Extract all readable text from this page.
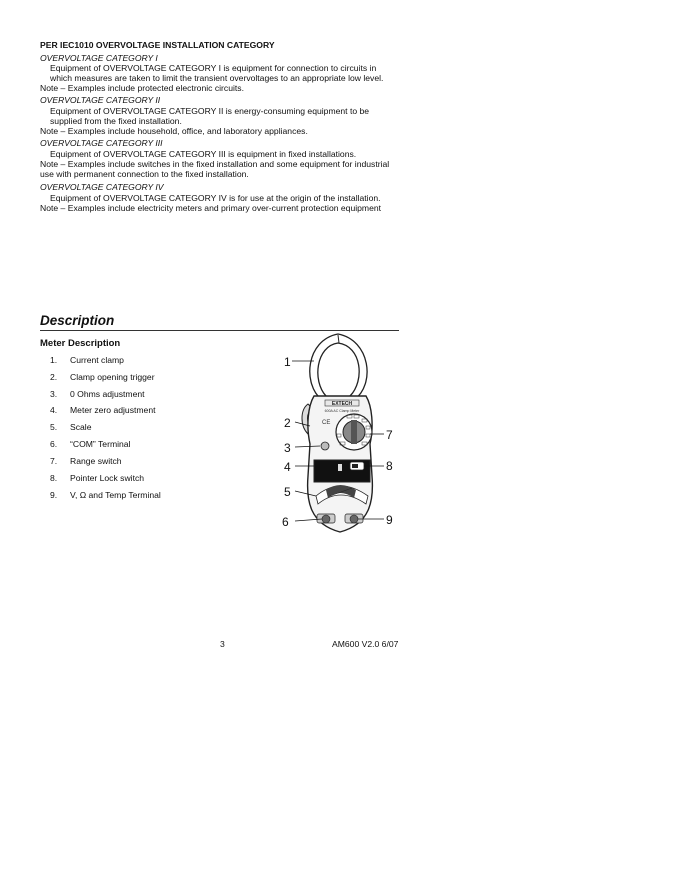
PER IEC1010 OVERVOLTAGE INSTALLATION CATEGORY
OVERVOLTAGE CATEGORY I
Equipment of OVERVOLTAGE CATEGORY I is equipment for connection to circuits in
which measures are taken to limit the transient overvoltages to an appropriate low level.
Note – Examples include protected electronic circuits.
OVERVOLTAGE CATEGORY II
Equipment of OVERVOLTAGE CATEGORY II is energy-consuming equipment to be
supplied from the fixed installation.
Note – Examples include household, office, and laboratory appliances.
OVERVOLTAGE CATEGORY III
Equipment of OVERVOLTAGE CATEGORY III is equipment in fixed installations.
Note – Examples include switches in the fixed installation and some equipment for industrial
use with permanent connection to the fixed installation.
OVERVOLTAGE CATEGORY IV
Equipment of OVERVOLTAGE CATEGORY IV is for use at the origin of the installation.
Note – Examples include electricity meters and primary over-current protection equipment
Description
Meter Description
1.	Current clamp
2.	Clamp opening trigger
3.	0 Ohms adjustment
4.	Meter zero adjustment
5.	Scale
6.	“COM” Terminal
7.	Range switch
8.	Pointer Lock switch
9.	V, Ω and Temp Terminal
EXTECH
600A AC Clamp Meter
CE
1
2
3
4
5
6
7
8
9
3	AM600 V2.0 6/07
